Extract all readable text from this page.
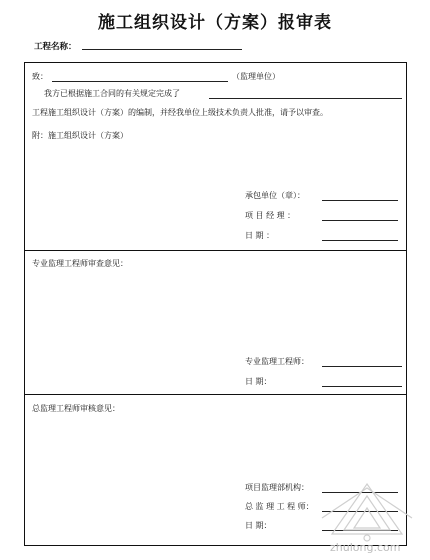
施工组织设计（方案）报审表
工程名称：
致：	（监理单位）
我方已根据施工合同的有关规定完成了
工程施工组织设计（方案）的编制，并经我单位上级技术负责人批准，请予以审查。
附：施工组织设计（方案）
承包单位（章）：
项 目 经 理 ：
日 期 ：
专业监理工程师审查意见：
专业监理工程师：
日 期：
总监理工程师审核意见：
项目监理部机构：
总 监 理 工 程 师：
日 期：
zhulong.com
